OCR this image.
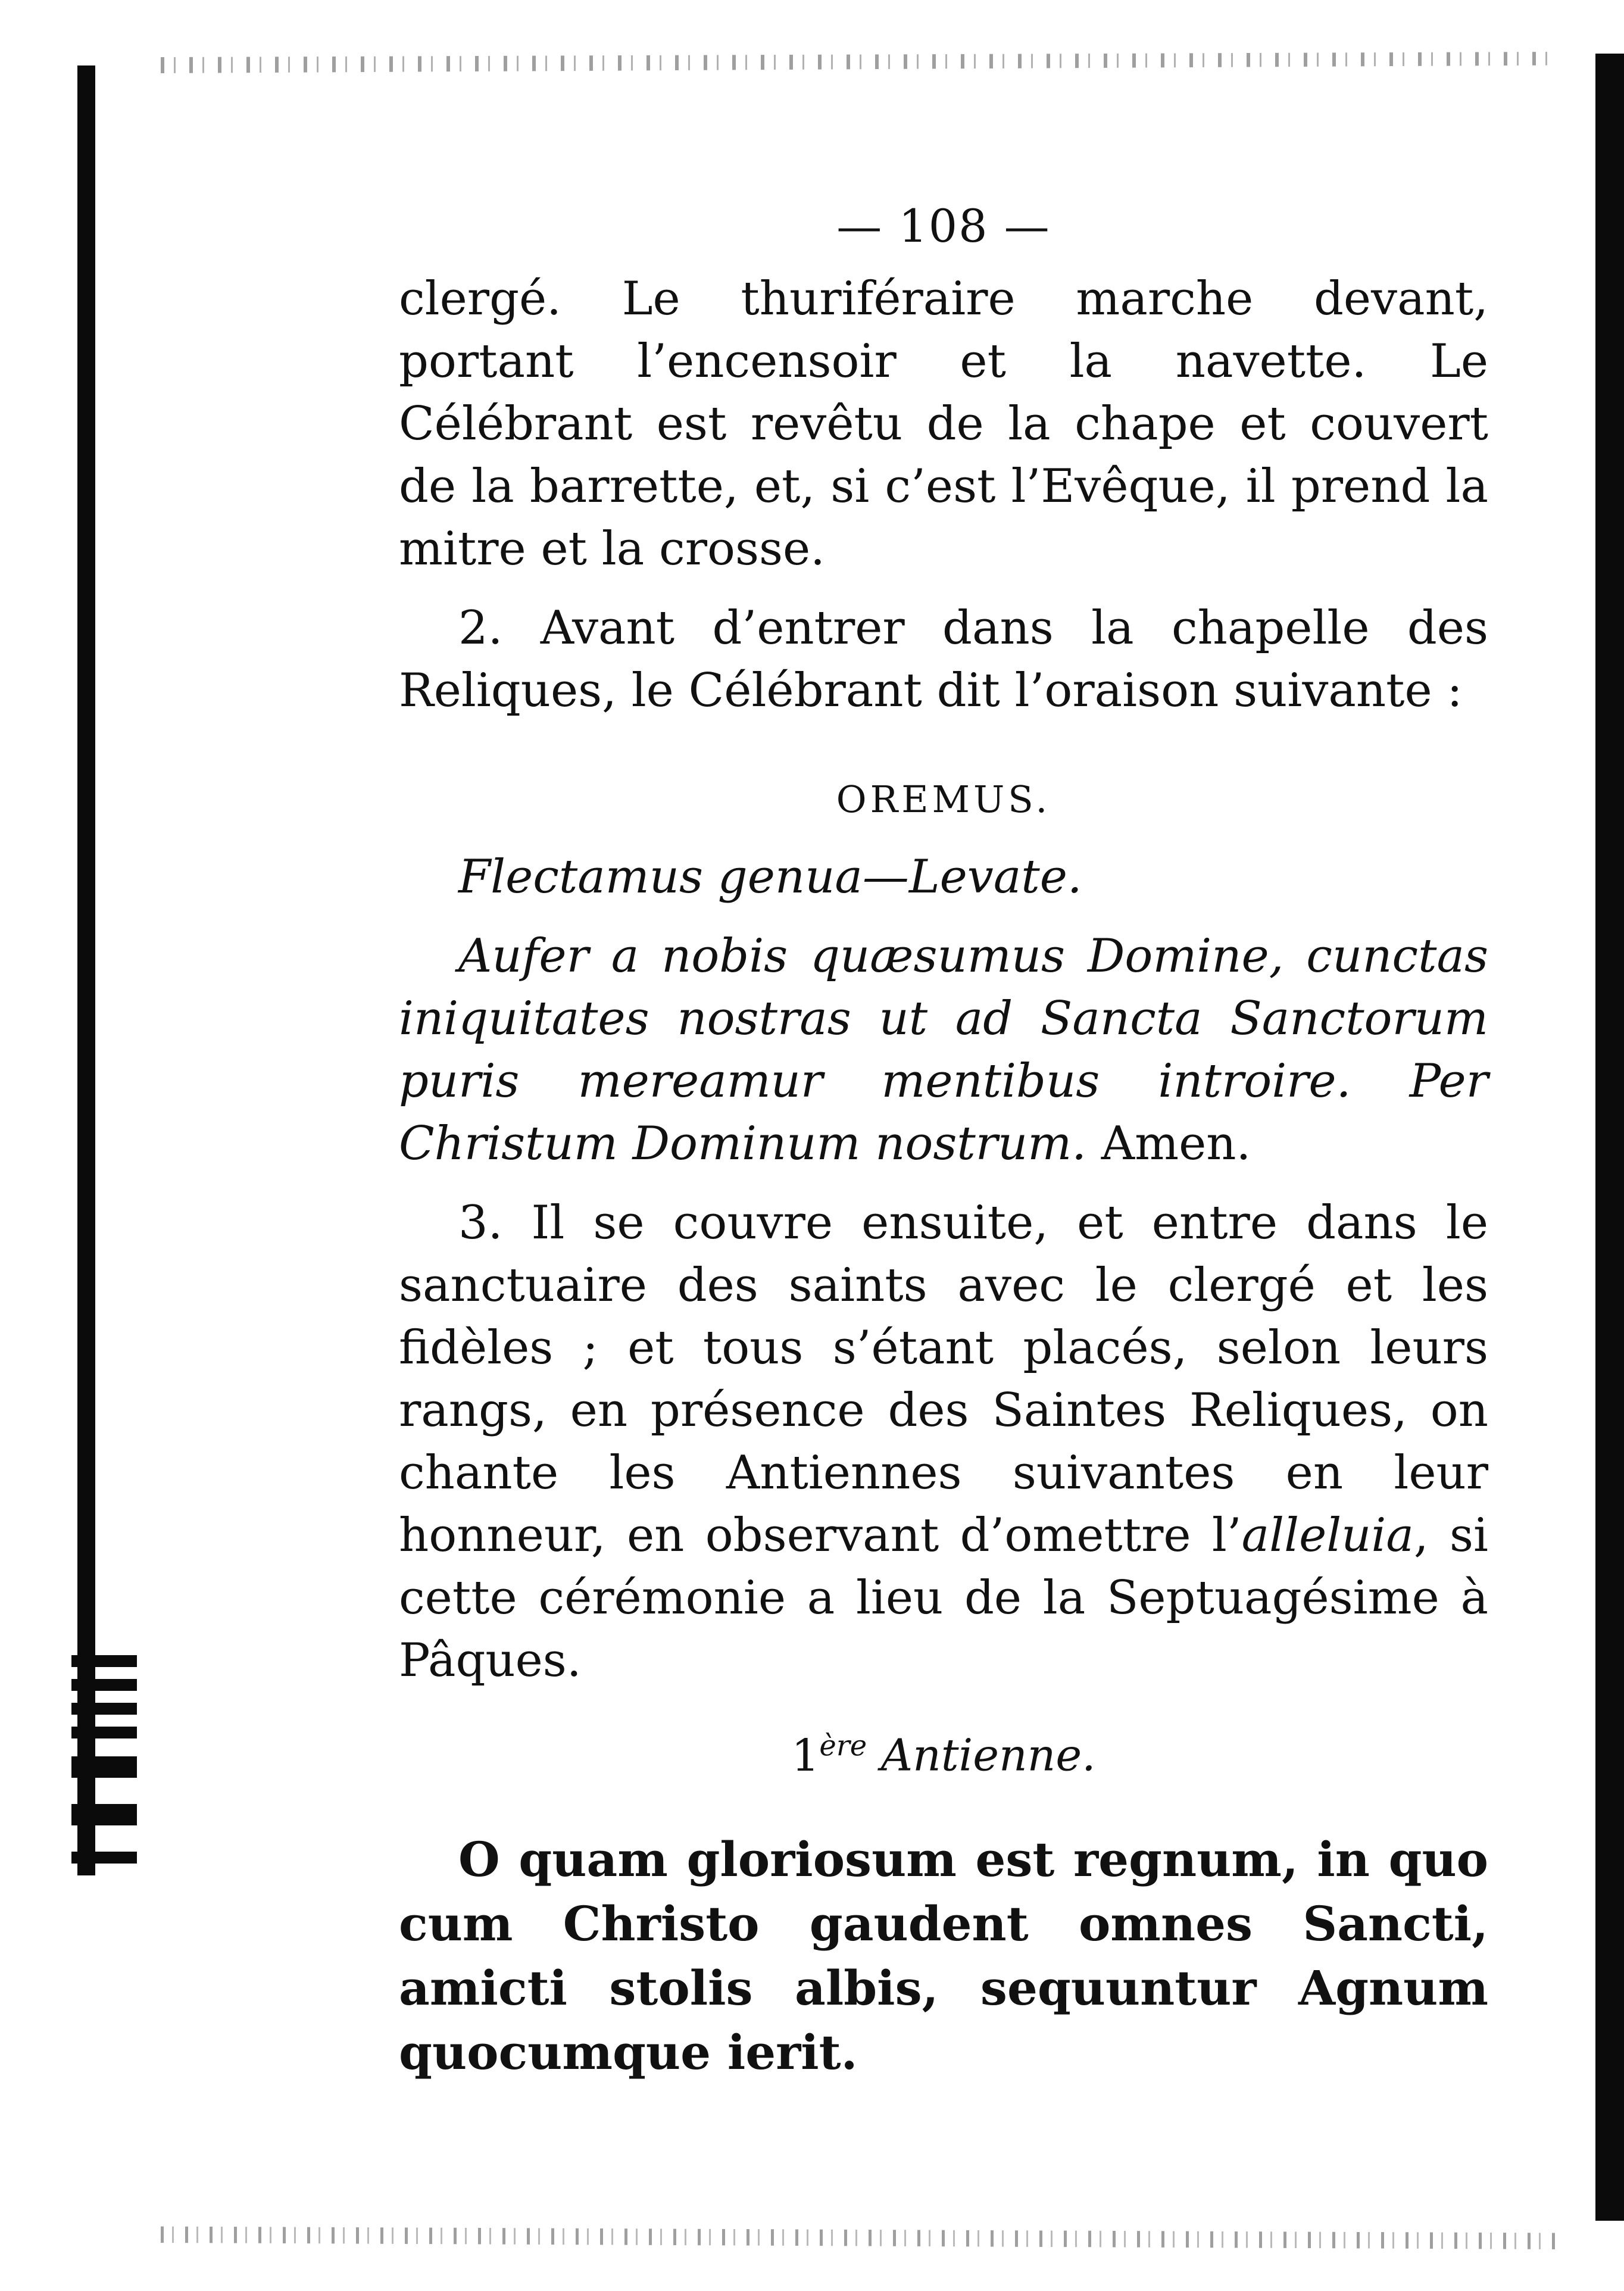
— 108 —

clergé. Le thuriféraire marche devant, portant l’encensoir et la navette. Le Célébrant est revêtu de la chape et couvert de la barrette, et, si c’est l’Evêque, il prend la mitre et la crosse.

2. Avant d’entrer dans la chapelle des Reliques, le Célébrant dit l’oraison suivante :

OREMUS.

Flectamus genua—Levate.

Aufer a nobis quæsumus Domine, cunctas iniquitates nostras ut ad Sancta Sanctorum puris mereamur mentibus introire. Per Christum Dominum nostrum. Amen.

3. Il se couvre ensuite, et entre dans le sanctuaire des saints avec le clergé et les fidèles ; et tous s’étant placés, selon leurs rangs, en présence des Saintes Reliques, on chante les Antiennes suivantes en leur honneur, en observant d’omettre l’alleluia, si cette cérémonie a lieu de la Septuagésime à Pâques.

1ère Antienne.

O quam gloriosum est regnum, in quo cum Christo gaudent omnes Sancti, amicti stolis albis, sequuntur Agnum quocumque ierit.
